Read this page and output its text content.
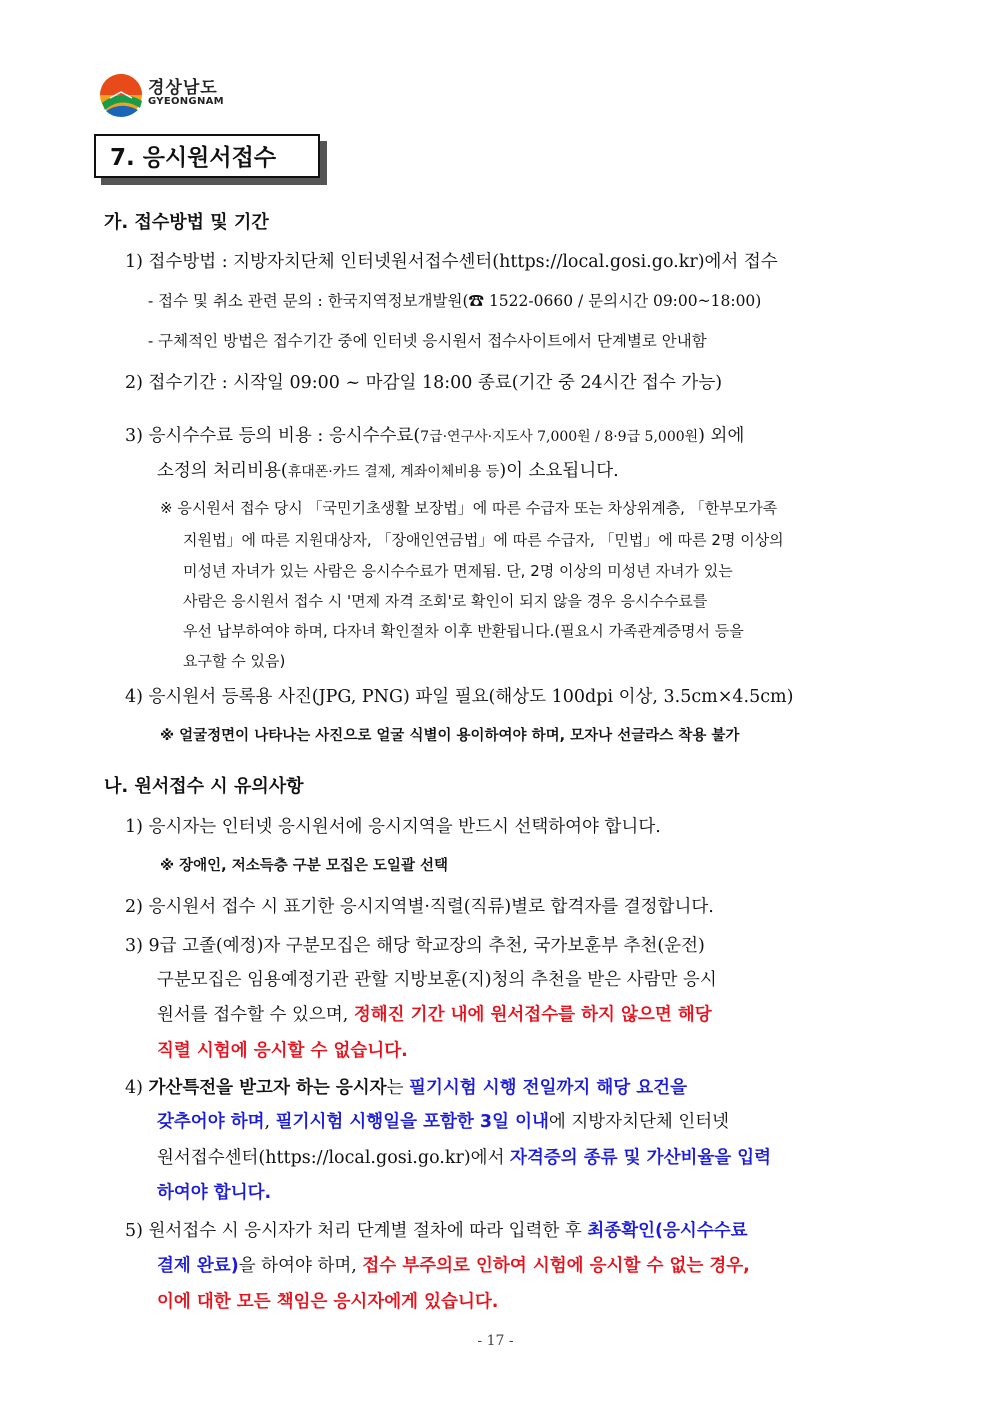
경상남도
GYEONGNAM
7. 응시원서접수
가. 접수방법 및 기간
1) 접수방법 : 지방자치단체 인터넷원서접수센터(https://local.gosi.go.kr)에서 접수
- 접수 및 취소 관련 문의 : 한국지역정보개발원(☎ 1522-0660 / 문의시간 09:00~18:00)
- 구체적인 방법은 접수기간 중에 인터넷 응시원서 접수사이트에서 단계별로 안내함
2) 접수기간 : 시작일 09:00 ~ 마감일 18:00 종료(기간 중 24시간 접수 가능)
3) 응시수수료 등의 비용 : 응시수수료(7급·연구사·지도사 7,000원 / 8·9급 5,000원) 외에
소정의 처리비용(휴대폰·카드 결제, 계좌이체비용 등)이 소요됩니다.
※ 응시원서 접수 당시 「국민기초생활 보장법」에 따른 수급자 또는 차상위계층, 「한부모가족
지원법」에 따른 지원대상자, 「장애인연금법」에 따른 수급자, 「민법」에 따른 2명 이상의
미성년 자녀가 있는 사람은 응시수수료가 면제됨. 단, 2명 이상의 미성년 자녀가 있는
사람은 응시원서 접수 시 '면제 자격 조회'로 확인이 되지 않을 경우 응시수수료를
우선 납부하여야 하며, 다자녀 확인절차 이후 반환됩니다.(필요시 가족관계증명서 등을
요구할 수 있음)
4) 응시원서 등록용 사진(JPG, PNG) 파일 필요(해상도 100dpi 이상, 3.5cm×4.5cm)
※ 얼굴정면이 나타나는 사진으로 얼굴 식별이 용이하여야 하며, 모자나 선글라스 착용 불가
나. 원서접수 시 유의사항
1) 응시자는 인터넷 응시원서에 응시지역을 반드시 선택하여야 합니다.
※ 장애인, 저소득층 구분 모집은 도일괄 선택
2) 응시원서 접수 시 표기한 응시지역별·직렬(직류)별로 합격자를 결정합니다.
3) 9급 고졸(예정)자 구분모집은 해당 학교장의 추천, 국가보훈부 추천(운전)
구분모집은 임용예정기관 관할 지방보훈(지)청의 추천을 받은 사람만 응시
원서를 접수할 수 있으며, 정해진 기간 내에 원서접수를 하지 않으면 해당
직렬 시험에 응시할 수 없습니다.
4) 가산특전을 받고자 하는 응시자는 필기시험 시행 전일까지 해당 요건을
갖추어야 하며, 필기시험 시행일을 포함한 3일 이내에 지방자치단체 인터넷
원서접수센터(https://local.gosi.go.kr)에서 자격증의 종류 및 가산비율을 입력
하여야 합니다.
5) 원서접수 시 응시자가 처리 단계별 절차에 따라 입력한 후 최종확인(응시수수료
결제 완료)을 하여야 하며, 접수 부주의로 인하여 시험에 응시할 수 없는 경우,
이에 대한 모든 책임은 응시자에게 있습니다.
- 17 -
